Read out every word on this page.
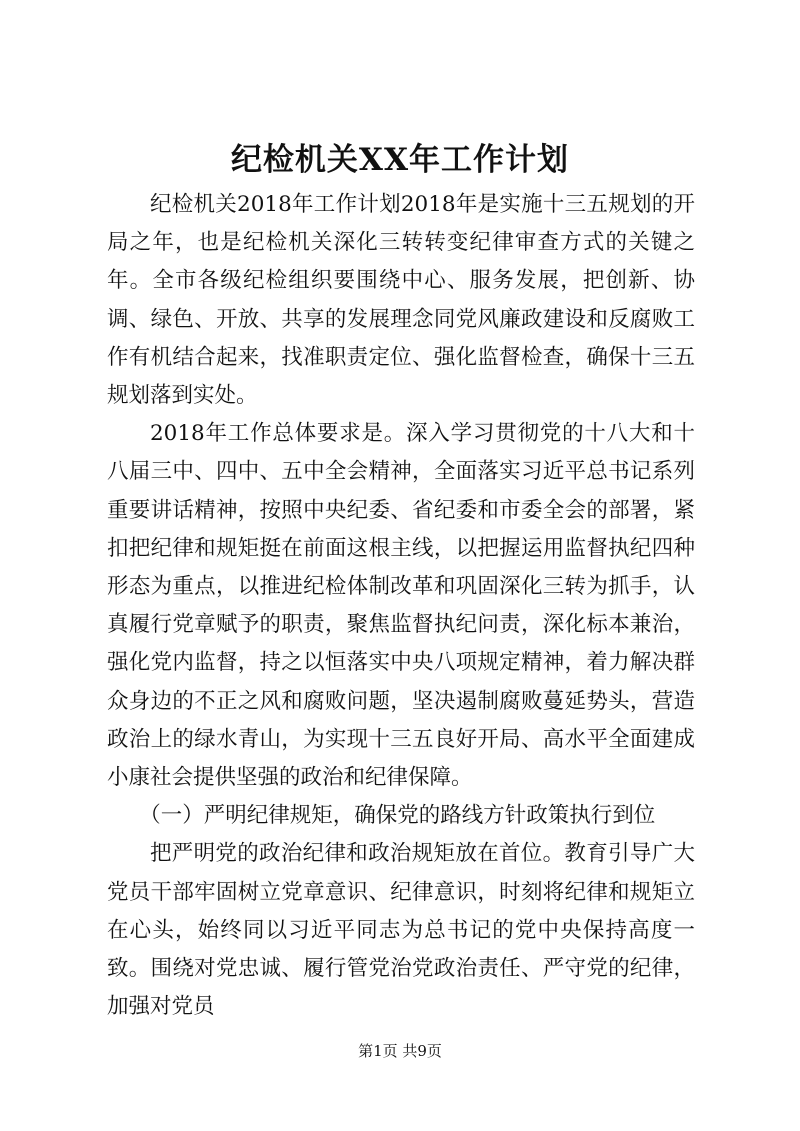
纪检机关XX年工作计划

纪检机关2018年工作计划2018年是实施十三五规划的开局之年，也是纪检机关深化三转转变纪律审查方式的关键之年。全市各级纪检组织要围绕中心、服务发展，把创新、协调、绿色、开放、共享的发展理念同党风廉政建设和反腐败工作有机结合起来，找准职责定位、强化监督检查，确保十三五规划落到实处。

2018年工作总体要求是。深入学习贯彻党的十八大和十八届三中、四中、五中全会精神，全面落实习近平总书记系列重要讲话精神，按照中央纪委、省纪委和市委全会的部署，紧扣把纪律和规矩挺在前面这根主线，以把握运用监督执纪四种形态为重点，以推进纪检体制改革和巩固深化三转为抓手，认真履行党章赋予的职责，聚焦监督执纪问责，深化标本兼治，强化党内监督，持之以恒落实中央八项规定精神，着力解决群众身边的不正之风和腐败问题，坚决遏制腐败蔓延势头，营造政治上的绿水青山，为实现十三五良好开局、高水平全面建成小康社会提供坚强的政治和纪律保障。

（一）严明纪律规矩，确保党的路线方针政策执行到位

把严明党的政治纪律和政治规矩放在首位。教育引导广大党员干部牢固树立党章意识、纪律意识，时刻将纪律和规矩立在心头，始终同以习近平同志为总书记的党中央保持高度一致。围绕对党忠诚、履行管党治党政治责任、严守党的纪律，加强对党员

第1页 共9页
